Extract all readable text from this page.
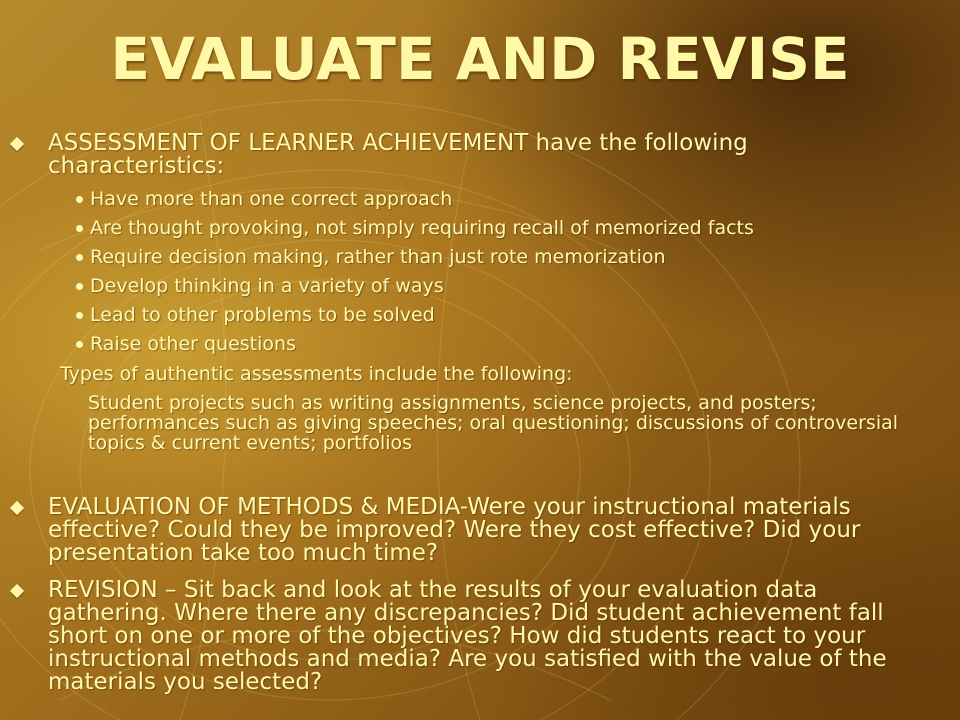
EVALUATE AND REVISE
ASSESSMENT OF LEARNER ACHIEVEMENT have the following characteristics:
Have more than one correct approach
Are thought provoking, not simply requiring recall of memorized facts
Require decision making, rather than just rote memorization
Develop thinking in a variety of ways
Lead to other problems to be solved
Raise other questions
Types of authentic assessments include the following:
Student projects such as writing assignments, science projects, and posters; performances such as giving speeches; oral questioning; discussions of controversial topics & current events; portfolios
EVALUATION OF METHODS & MEDIA-Were your instructional materials effective? Could they be improved? Were they cost effective? Did your presentation take too much time?
REVISION – Sit back and look at the results of your evaluation data gathering. Where there any discrepancies? Did student achievement fall short on one or more of the objectives? How did students react to your instructional methods and media? Are you satisfied with the value of the materials you selected?
